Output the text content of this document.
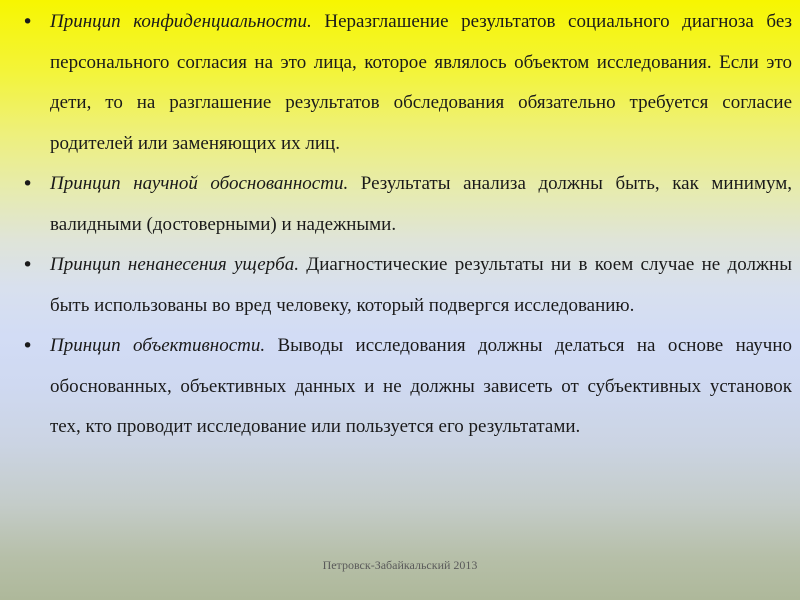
• Принцип конфиденциальности. Неразглашение результатов социального диагноза без персонального согласия на это лица, которое являлось объектом исследования. Если это дети, то на разглашение результатов обследования обязательно требуется согласие родителей или заменяющих их лиц.
• Принцип научной обоснованности. Результаты анализа должны быть, как минимум, валидными (достоверными) и надежными.
• Принцип ненанесения ущерба. Диагностические результаты ни в коем случае не должны быть использованы во вред человеку, который подвергся исследованию.
• Принцип объективности. Выводы исследования должны делаться на основе научно обоснованных, объективных данных и не должны зависеть от субъективных установок тех, кто проводит исследование или пользуется его результатами.
Петровск-Забайкальский 2013
